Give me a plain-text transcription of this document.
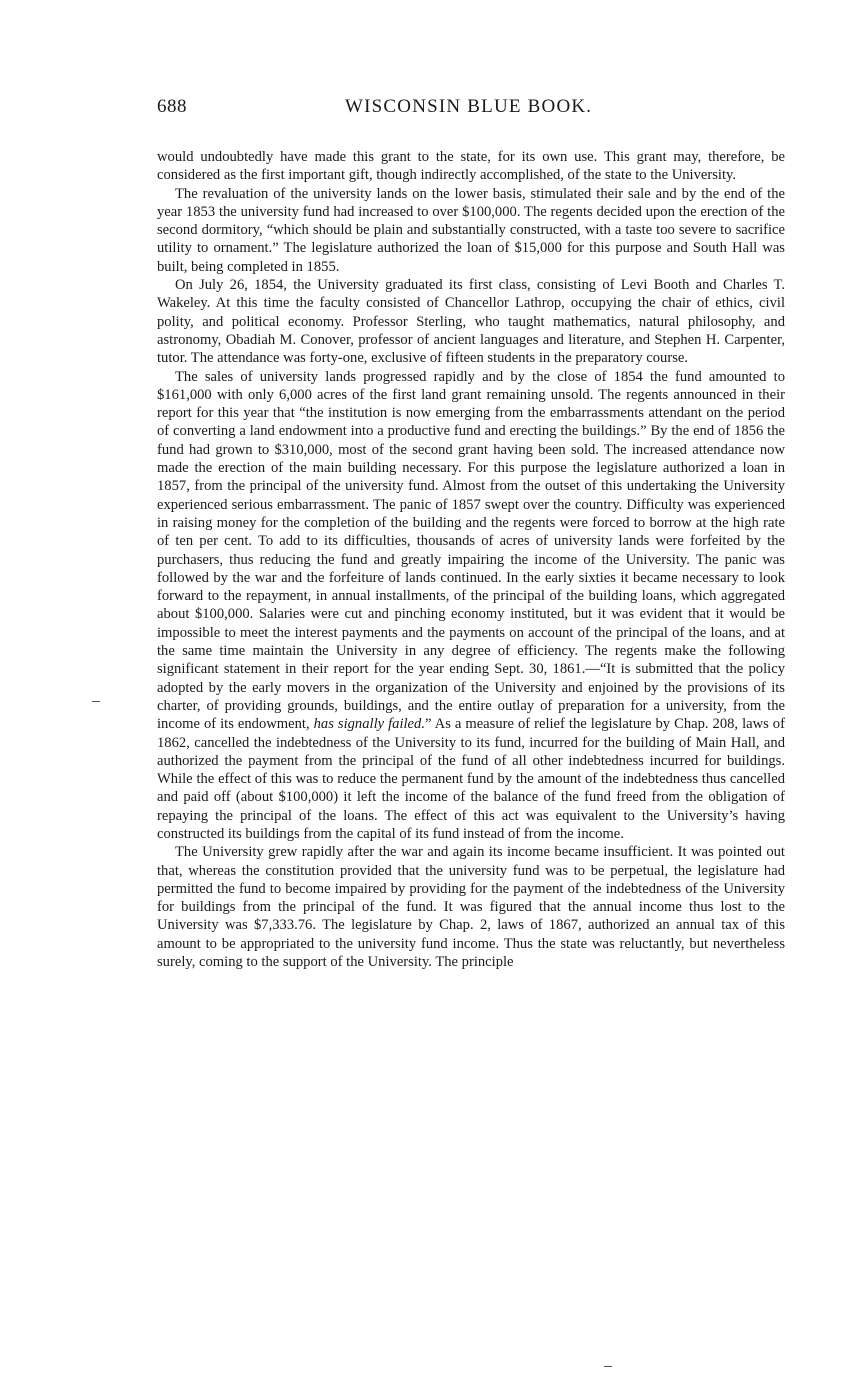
688	WISCONSIN BLUE BOOK.

would undoubtedly have made this grant to the state, for its own use. This grant may, therefore, be considered as the first important gift, though indirectly accomplished, of the state to the University.

The revaluation of the university lands on the lower basis, stimulated their sale and by the end of the year 1853 the university fund had increased to over $100,000. The regents decided upon the erection of the second dormitory, “which should be plain and substantially constructed, with a taste too severe to sacrifice utility to ornament.” The legislature authorized the loan of $15,000 for this purpose and South Hall was built, being completed in 1855.

On July 26, 1854, the University graduated its first class, consisting of Levi Booth and Charles T. Wakeley. At this time the faculty consisted of Chancellor Lathrop, occupying the chair of ethics, civil polity, and political economy. Professor Sterling, who taught mathematics, natural philosophy, and astronomy, Obadiah M. Conover, professor of ancient languages and literature, and Stephen H. Carpenter, tutor. The attendance was forty-one, exclusive of fifteen students in the preparatory course.

The sales of university lands progressed rapidly and by the close of 1854 the fund amounted to $161,000 with only 6,000 acres of the first land grant remaining unsold. The regents announced in their report for this year that “the institution is now emerging from the embarrassments attendant on the period of converting a land endowment into a productive fund and erecting the buildings.” By the end of 1856 the fund had grown to $310,000, most of the second grant having been sold. The increased attendance now made the erection of the main building necessary. For this purpose the legislature authorized a loan in 1857, from the principal of the university fund. Almost from the outset of this undertaking the University experienced serious embarrassment. The panic of 1857 swept over the country. Difficulty was experienced in raising money for the completion of the building and the regents were forced to borrow at the high rate of ten per cent. To add to its difficulties, thousands of acres of university lands were forfeited by the purchasers, thus reducing the fund and greatly impairing the income of the University. The panic was followed by the war and the forfeiture of lands continued. In the early sixties it became necessary to look forward to the repayment, in annual installments, of the principal of the building loans, which aggregated about $100,000. Salaries were cut and pinching economy instituted, but it was evident that it would be impossible to meet the interest payments and the payments on account of the principal of the loans, and at the same time maintain the University in any degree of efficiency. The regents make the following significant statement in their report for the year ending Sept. 30, 1861.—“It is submitted that the policy adopted by the early movers in the organization of the University and enjoined by the provisions of its charter, of providing grounds, buildings, and the entire outlay of preparation for a university, from the income of its endowment, has signally failed.” As a measure of relief the legislature by Chap. 208, laws of 1862, cancelled the indebtedness of the University to its fund, incurred for the building of Main Hall, and authorized the payment from the principal of the fund of all other indebtedness incurred for buildings. While the effect of this was to reduce the permanent fund by the amount of the indebtedness thus cancelled and paid off (about $100,000) it left the income of the balance of the fund freed from the obligation of repaying the principal of the loans. The effect of this act was equivalent to the University’s having constructed its buildings from the capital of its fund instead of from the income.

The University grew rapidly after the war and again its income became insufficient. It was pointed out that, whereas the constitution provided that the university fund was to be perpetual, the legislature had permitted the fund to become impaired by providing for the payment of the indebtedness of the University for buildings from the principal of the fund. It was figured that the annual income thus lost to the University was $7,333.76. The legislature by Chap. 2, laws of 1867, authorized an annual tax of this amount to be appropriated to the university fund income. Thus the state was reluctantly, but nevertheless surely, coming to the support of the University. The principle
